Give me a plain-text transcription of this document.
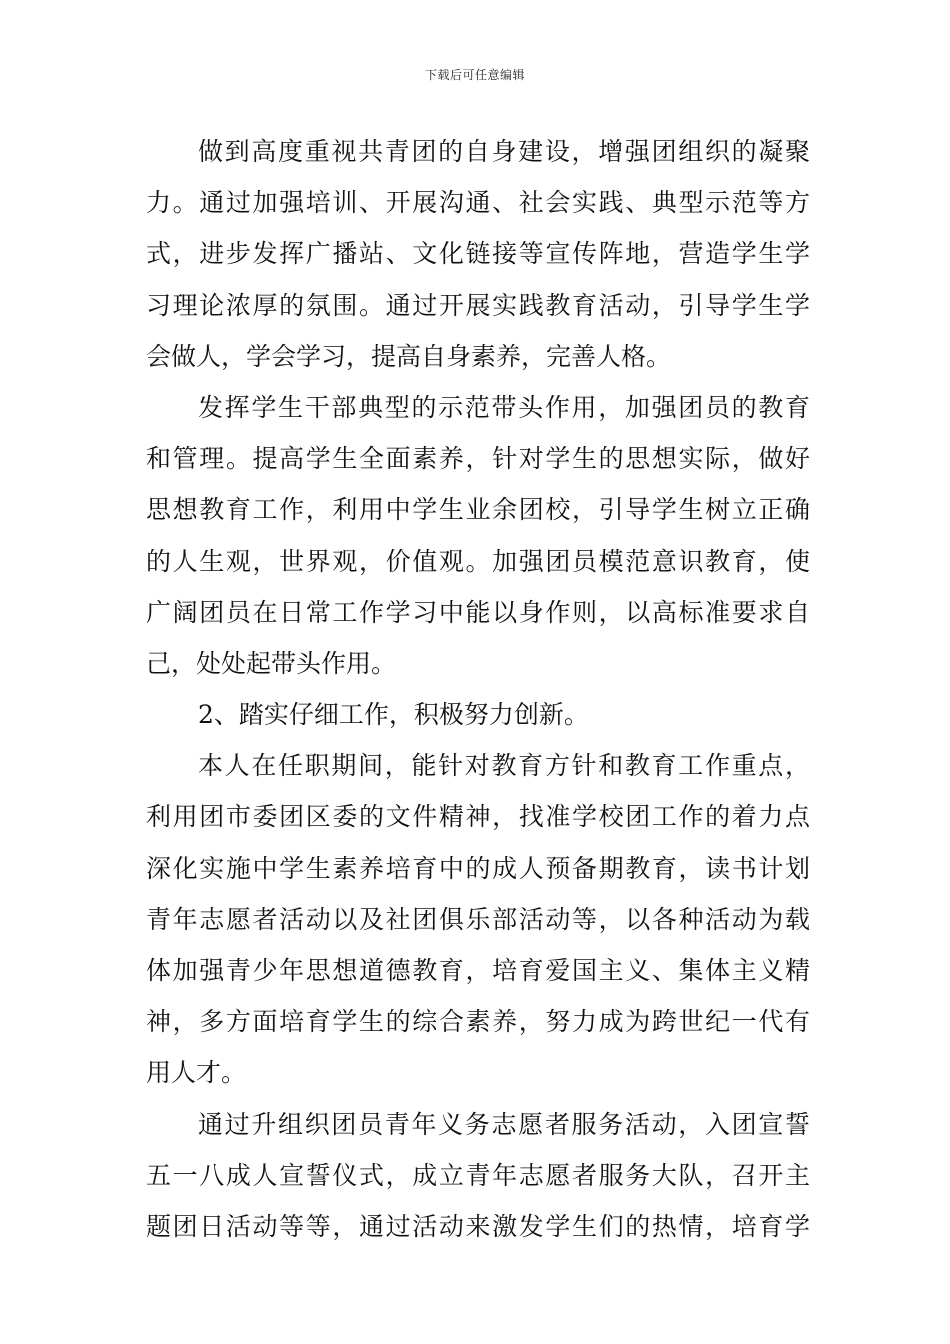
下载后可任意编辑
做到高度重视共青团的自身建设，增强团组织的凝聚
力。通过加强培训、开展沟通、社会实践、典型示范等方
式，进步发挥广播站、文化链接等宣传阵地，营造学生学
习理论浓厚的氛围。通过开展实践教育活动，引导学生学
会做人，学会学习，提高自身素养，完善人格。
发挥学生干部典型的示范带头作用，加强团员的教育
和管理。提高学生全面素养，针对学生的思想实际，做好
思想教育工作，利用中学生业余团校，引导学生树立正确
的人生观，世界观，价值观。加强团员模范意识教育，使
广阔团员在日常工作学习中能以身作则，以高标准要求自
己，处处起带头作用。
2、踏实仔细工作，积极努力创新。
本人在任职期间，能针对教育方针和教育工作重点，
利用团市委团区委的文件精神，找准学校团工作的着力点
深化实施中学生素养培育中的成人预备期教育，读书计划
青年志愿者活动以及社团俱乐部活动等，以各种活动为载
体加强青少年思想道德教育，培育爱国主义、集体主义精
神，多方面培育学生的综合素养，努力成为跨世纪一代有
用人才。
通过升组织团员青年义务志愿者服务活动，入团宣誓
五一八成人宣誓仪式，成立青年志愿者服务大队，召开主
题团日活动等等，通过活动来激发学生们的热情，培育学
